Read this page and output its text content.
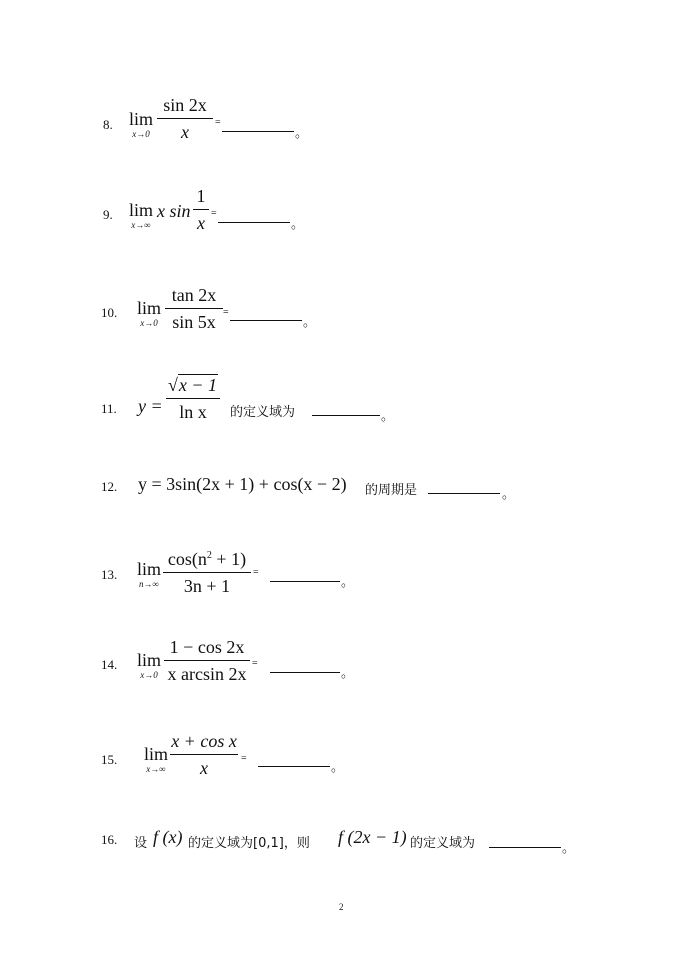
8. lim
x→0
sin 2x
x	=
。
9. lim
x→∞
x sin
1
x =
。
10. lim
x→0
tan 2x
sin 5x =
。
11. y =
√x − 1
ln x	的定义域为	。
12. y = 3sin(2x + 1) + cos(x − 2) 的周期是	。
13. lim
n→∞
$\cos(n^2 + 1)$
3n + 1
=
。
14. lim
x→0
1 − cos 2x
x arcsin 2x
=
。
15. lim
x→∞
x + cos x
x	=
。
16. 设 f (x) 的定义域为[0,1]，则 f (2x − 1) 的定义域为	。
2
